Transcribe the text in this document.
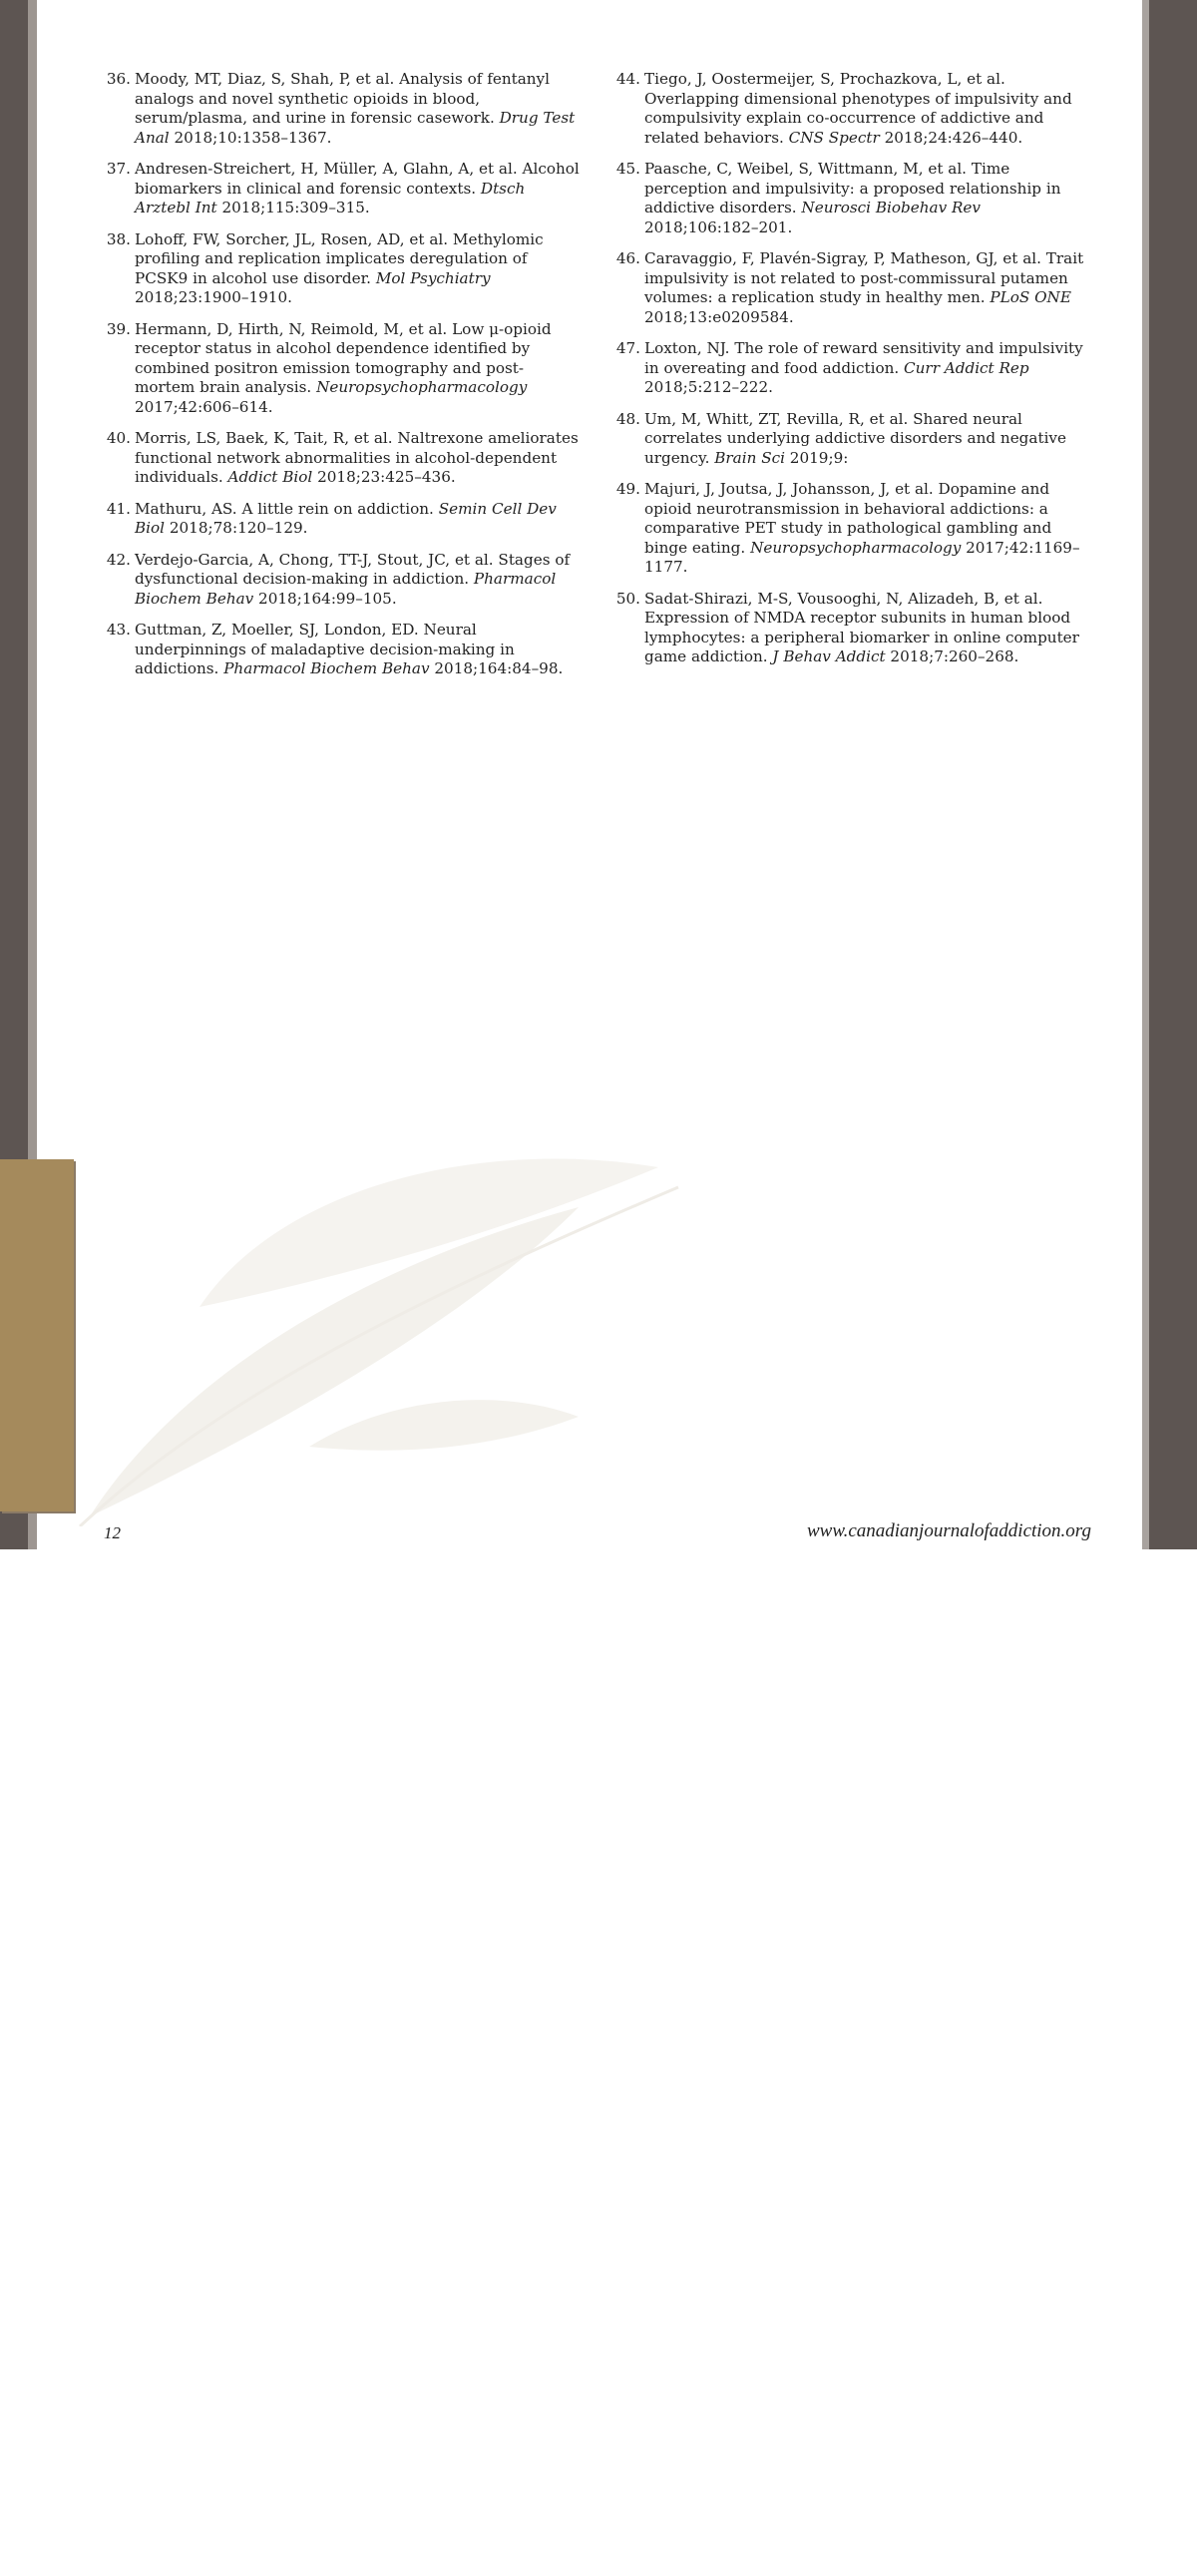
MARCH 2021
36. Moody, MT, Diaz, S, Shah, P, et al. Analysis of fentanyl analogs and novel synthetic opioids in blood, serum/plasma, and urine in forensic casework. Drug Test Anal 2018;10:1358–1367.
37. Andresen-Streichert, H, Müller, A, Glahn, A, et al. Alcohol biomarkers in clinical and forensic contexts. Dtsch Arztebl Int 2018;115:309–315.
38. Lohoff, FW, Sorcher, JL, Rosen, AD, et al. Methylomic profiling and replication implicates deregulation of PCSK9 in alcohol use disorder. Mol Psychiatry 2018;23:1900–1910.
39. Hermann, D, Hirth, N, Reimold, M, et al. Low μ-opioid receptor status in alcohol dependence identified by combined positron emission tomography and post-mortem brain analysis. Neuropsychopharmacology 2017;42:606–614.
40. Morris, LS, Baek, K, Tait, R, et al. Naltrexone ameliorates functional network abnormalities in alcohol-dependent individuals. Addict Biol 2018;23:425–436.
41. Mathuru, AS. A little rein on addiction. Semin Cell Dev Biol 2018;78:120–129.
42. Verdejo-Garcia, A, Chong, TT-J, Stout, JC, et al. Stages of dysfunctional decision-making in addiction. Pharmacol Biochem Behav 2018;164:99–105.
43. Guttman, Z, Moeller, SJ, London, ED. Neural underpinnings of maladaptive decision-making in addictions. Pharmacol Biochem Behav 2018;164:84–98.
44. Tiego, J, Oostermeijer, S, Prochazkova, L, et al. Overlapping dimensional phenotypes of impulsivity and compulsivity explain co-occurrence of addictive and related behaviors. CNS Spectr 2018;24:426–440.
45. Paasche, C, Weibel, S, Wittmann, M, et al. Time perception and impulsivity: a proposed relationship in addictive disorders. Neurosci Biobehav Rev 2018;106:182–201.
46. Caravaggio, F, Plavén-Sigray, P, Matheson, GJ, et al. Trait impulsivity is not related to post-commissural putamen volumes: a replication study in healthy men. PLoS ONE 2018;13:e0209584.
47. Loxton, NJ. The role of reward sensitivity and impulsivity in overeating and food addiction. Curr Addict Rep 2018;5:212–222.
48. Um, M, Whitt, ZT, Revilla, R, et al. Shared neural correlates underlying addictive disorders and negative urgency. Brain Sci 2019;9:
49. Majuri, J, Joutsa, J, Johansson, J, et al. Dopamine and opioid neurotransmission in behavioral addictions: a comparative PET study in pathological gambling and binge eating. Neuropsychopharmacology 2017;42:1169–1177.
50. Sadat-Shirazi, M-S, Vousooghi, N, Alizadeh, B, et al. Expression of NMDA receptor subunits in human blood lymphocytes: a peripheral biomarker in online computer game addiction. J Behav Addict 2018;7:260–268.
12	www.canadianjournalofaddiction.org
